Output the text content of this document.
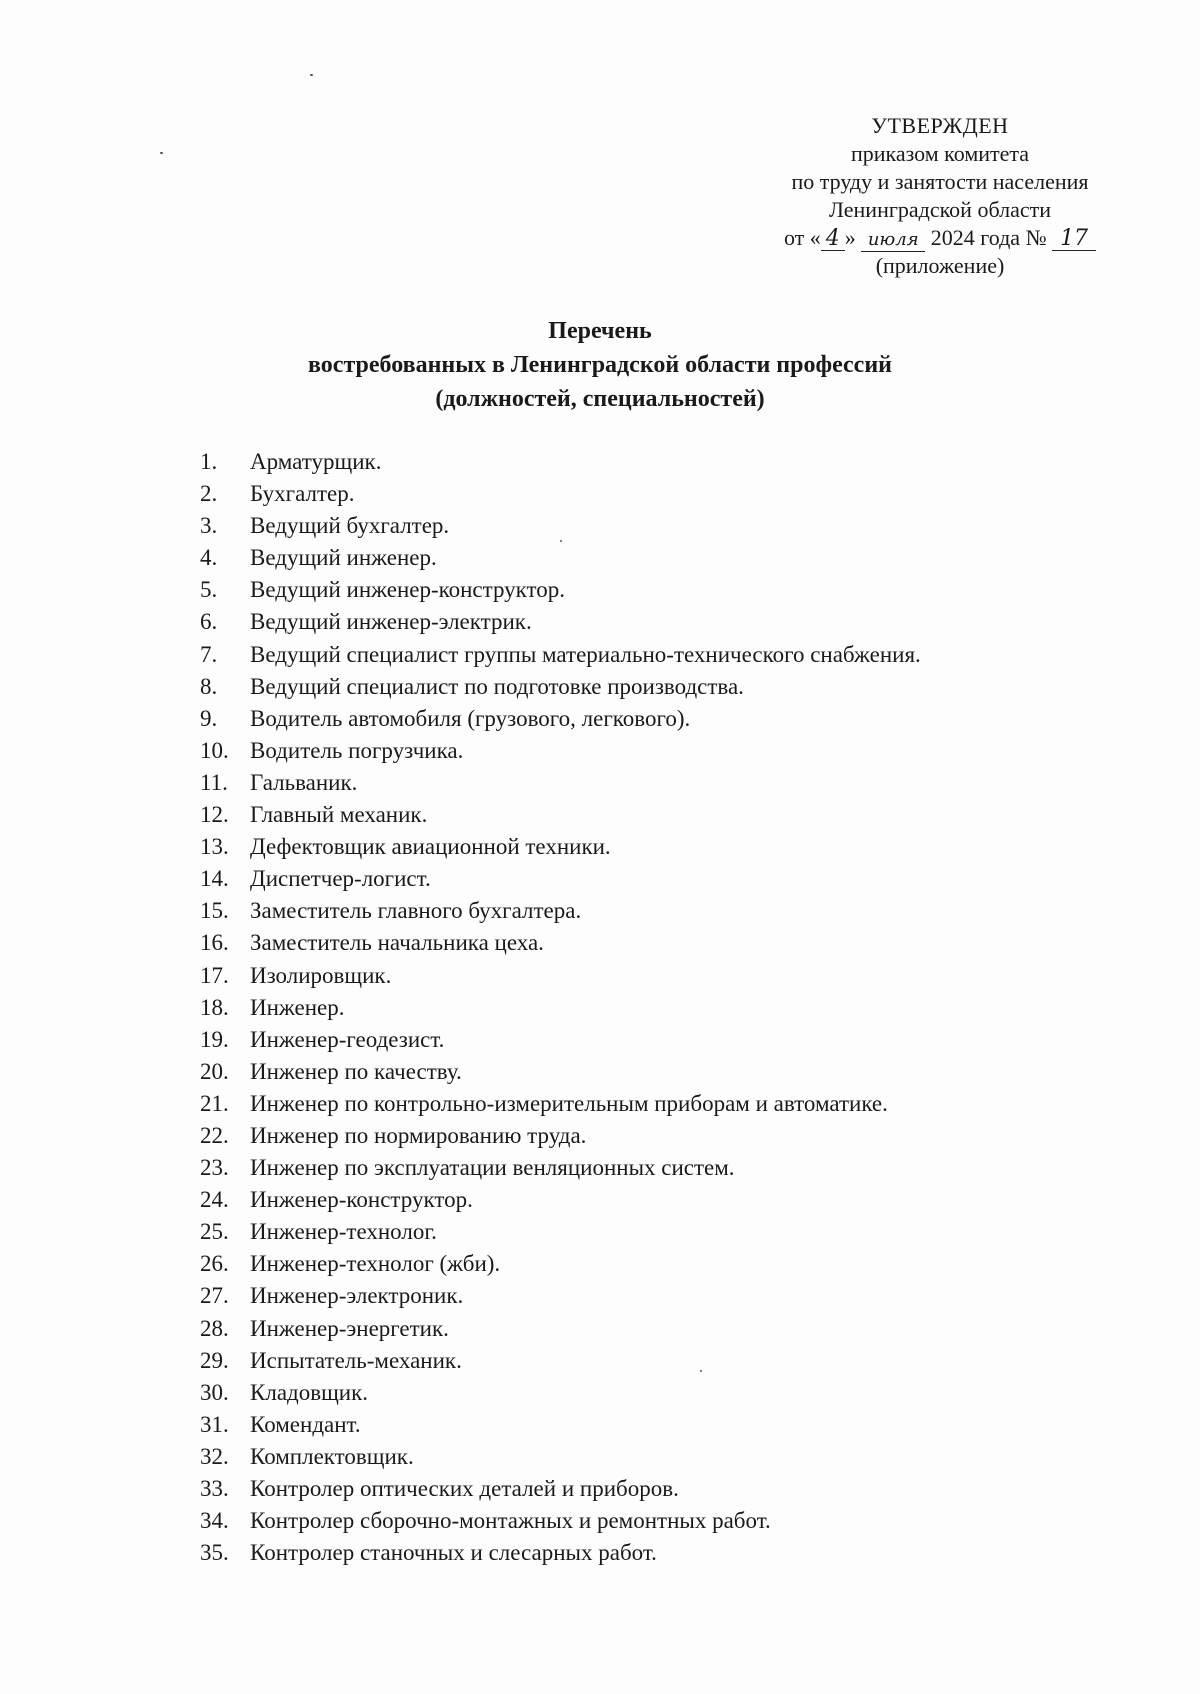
УТВЕРЖДЕН
приказом комитета
по труду и занятости населения
Ленинградской области
от « 4 » июля 2024 года № 17
(приложение)
Перечень
востребованных в Ленинградской области профессий
(должностей, специальностей)
1.	Арматурщик.
2.	Бухгалтер.
3.	Ведущий бухгалтер.
4.	Ведущий инженер.
5.	Ведущий инженер-конструктор.
6.	Ведущий инженер-электрик.
7.	Ведущий специалист группы материально-технического снабжения.
8.	Ведущий специалист по подготовке производства.
9.	Водитель автомобиля (грузового, легкового).
10. Водитель погрузчика.
11. Гальваник.
12. Главный механик.
13. Дефектовщик авиационной техники.
14. Диспетчер-логист.
15. Заместитель главного бухгалтера.
16. Заместитель начальника цеха.
17. Изолировщик.
18. Инженер.
19. Инженер-геодезист.
20. Инженер по качеству.
21. Инженер по контрольно-измерительным приборам и автоматике.
22. Инженер по нормированию труда.
23. Инженер по эксплуатации венляционных систем.
24. Инженер-конструктор.
25. Инженер-технолог.
26. Инженер-технолог (жби).
27. Инженер-электроник.
28. Инженер-энергетик.
29. Испытатель-механик.
30. Кладовщик.
31. Комендант.
32. Комплектовщик.
33. Контролер оптических деталей и приборов.
34. Контролер сборочно-монтажных и ремонтных работ.
35. Контролер станочных и слесарных работ.
